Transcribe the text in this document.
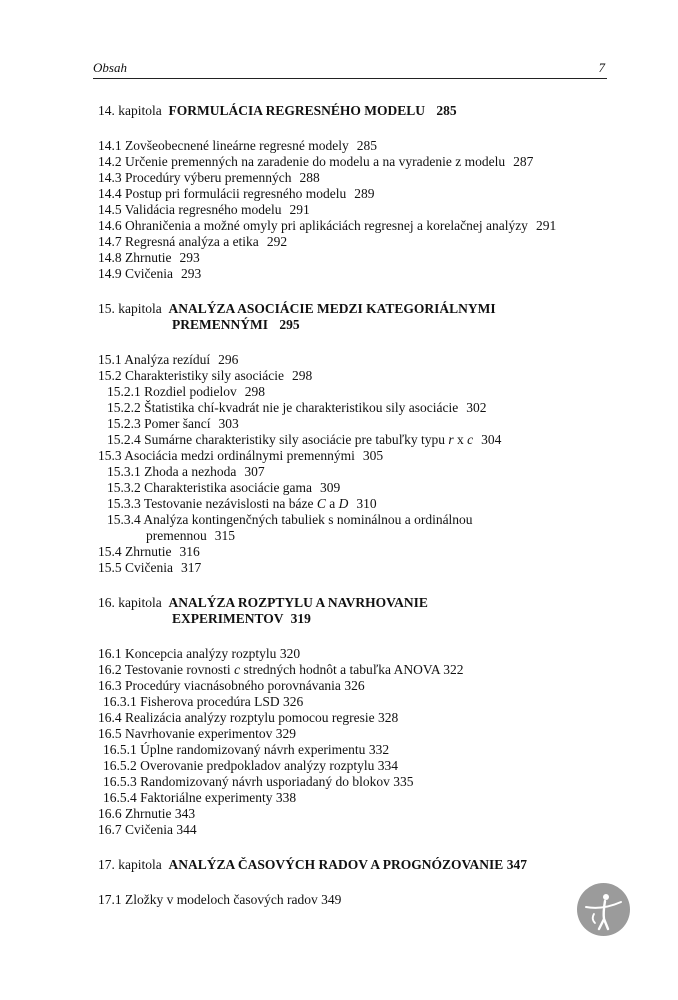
Obsah	7
14. kapitola FORMULÁCIA REGRESNÉHO MODELU 285
14.1 Zovšeobecnené lineárne regresné modely 285
14.2 Určenie premenných na zaradenie do modelu a na vyradenie z modelu 287
14.3 Procedúry výberu premenných 288
14.4 Postup pri formulácii regresného modelu 289
14.5 Validácia regresného modelu 291
14.6 Ohraničenia a možné omyly pri aplikáciách regresnej a korelačnej analýzy 291
14.7 Regresná analýza a etika 292
14.8 Zhrnutie 293
14.9 Cvičenia 293
15. kapitola ANALÝZA ASOCIÁCIE MEDZI KATEGORIÁLNYMI
PREMENNÝMI 295
15.1 Analýza rezíduí 296
15.2 Charakteristiky sily asociácie 298
15.2.1 Rozdiel podielov 298
15.2.2 Štatistika chí-kvadrát nie je charakteristikou sily asociácie 302
15.2.3 Pomer šancí 303
15.2.4 Sumárne charakteristiky sily asociácie pre tabuľky typu r x c 304
15.3 Asociácia medzi ordinálnymi premennými 305
15.3.1 Zhoda a nezhoda 307
15.3.2 Charakteristika asociácie gama 309
15.3.3 Testovanie nezávislosti na báze C a D 310
15.3.4 Analýza kontingenčných tabuliek s nominálnou a ordinálnou
premennou 315
15.4 Zhrnutie 316
15.5 Cvičenia 317
16. kapitola ANALÝZA ROZPTYLU A NAVRHOVANIE
EXPERIMENTOV 319
16.1 Koncepcia analýzy rozptylu 320
16.2 Testovanie rovnosti c stredných hodnôt a tabuľka ANOVA 322
16.3 Procedúry viacnásobného porovnávania 326
16.3.1 Fisherova procedúra LSD 326
16.4 Realizácia analýzy rozptylu pomocou regresie 328
16.5 Navrhovanie experimentov 329
16.5.1 Úplne randomizovaný návrh experimentu 332
16.5.2 Overovanie predpokladov analýzy rozptylu 334
16.5.3 Randomizovaný návrh usporiadaný do blokov 335
16.5.4 Faktoriálne experimenty 338
16.6 Zhrnutie 343
16.7 Cvičenia 344
17. kapitola ANALÝZA ČASOVÝCH RADOV A PROGNÓZOVANIE 347
17.1 Zložky v modeloch časových radov 349
